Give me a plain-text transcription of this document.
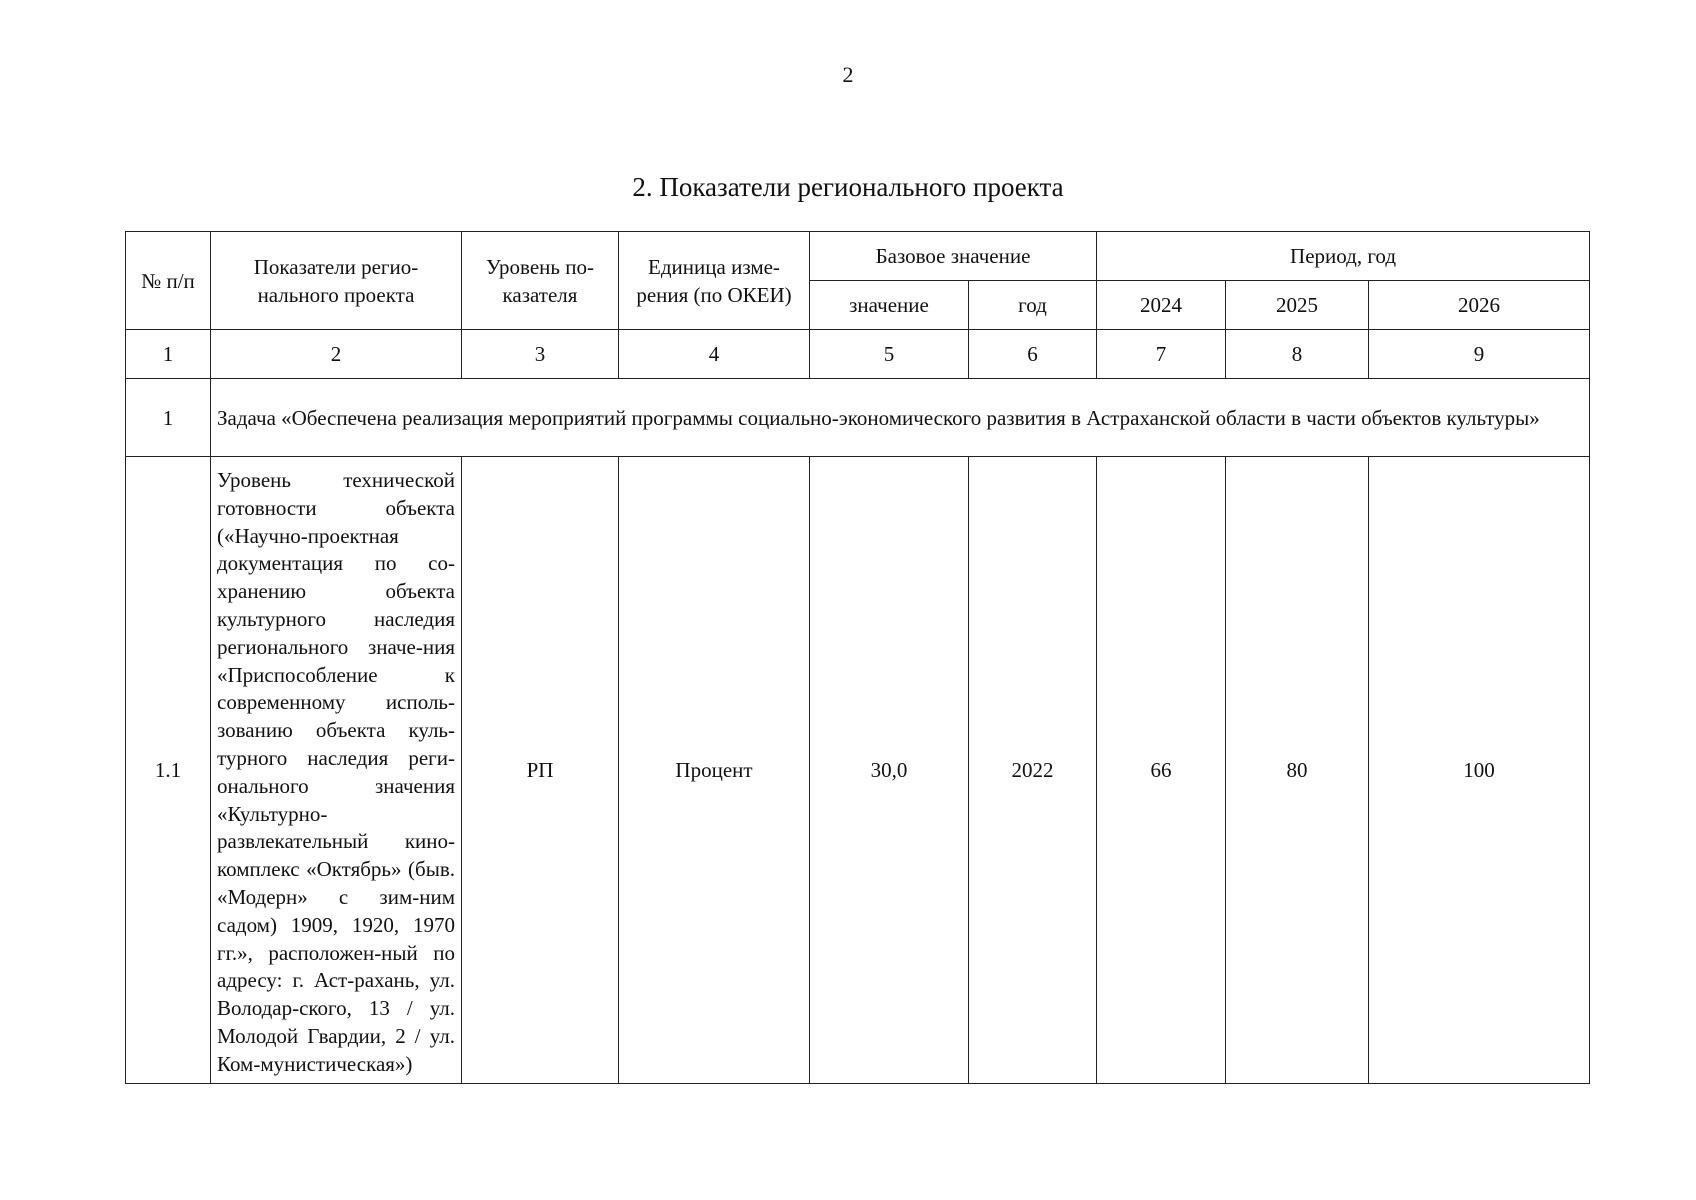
2
2. Показатели регионального проекта
№ п/п	Показатели регио-нального проекта	Уровень по-казателя	Единица изме-рения (по ОКЕИ)	Базовое значение		Период, год		
				значение	год	2024	2025	2026
1	2	3	4	5	6	7	8	9
1	Задача «Обеспечена реализация мероприятий программы социально-экономического развития в Астраханской области в части объектов культуры»							
1.1	Уровень технической готовности объекта («Научно-проектная документация по со-хранению объекта культурного наследия регионального значе-ния «Приспособление к современному исполь-зованию объекта куль-турного наследия реги-онального значения «Культурно-развлекательный кино-комплекс «Октябрь» (быв. «Модерн» с зим-ним садом) 1909, 1920, 1970 гг.», расположен-ный по адресу: г. Аст-рахань, ул. Володар-ского, 13 / ул. Молодой Гвардии, 2 / ул. Ком-мунистическая»)	РП	Процент	30,0	2022	66	80	100
